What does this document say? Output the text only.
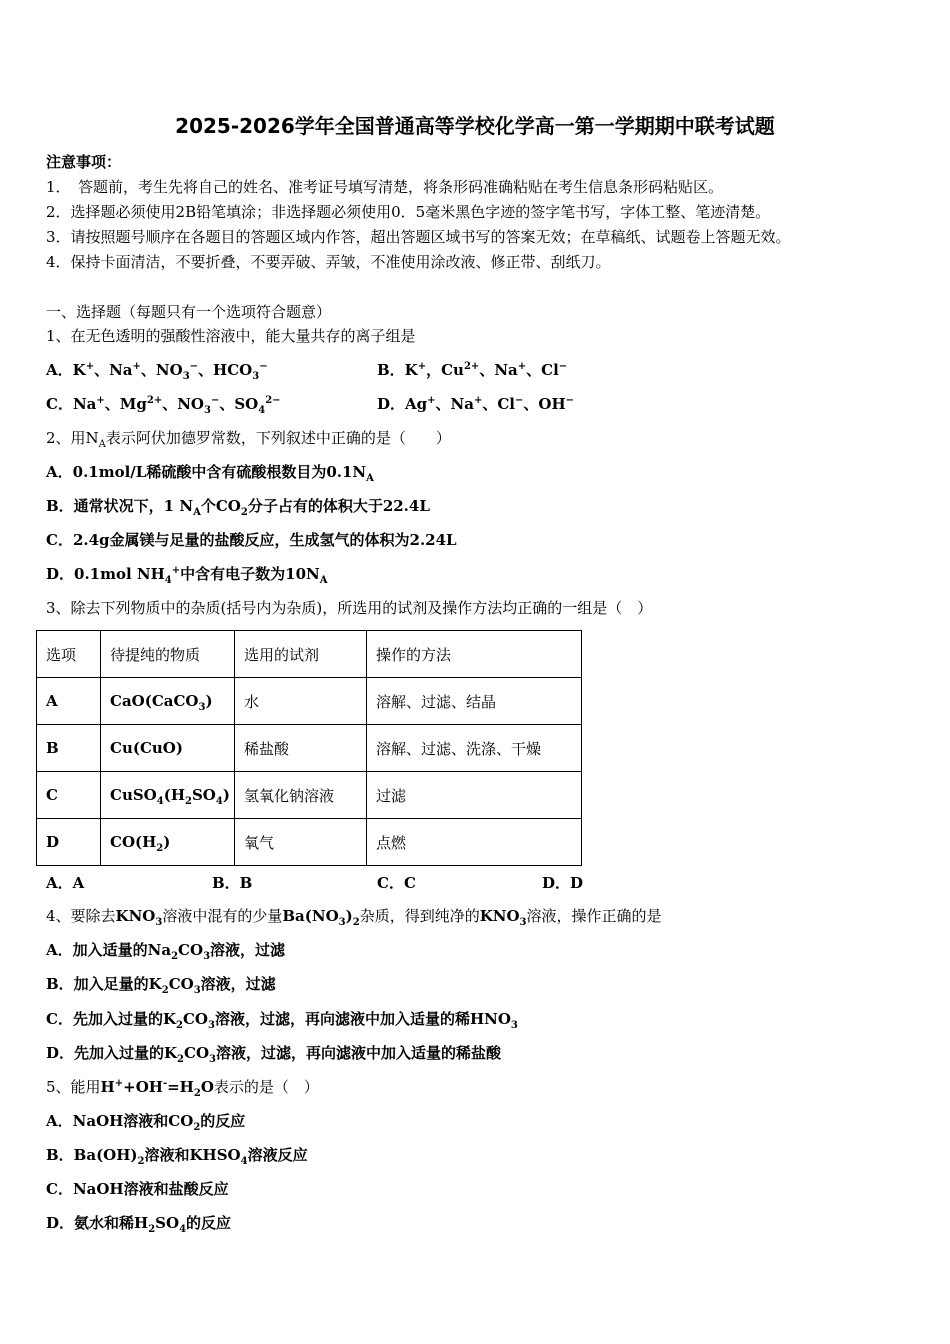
2025-2026学年全国普通高等学校化学高一第一学期期中联考试题
注意事项：
1．　答题前，考生先将自己的姓名、准考证号填写清楚，将条形码准确粘贴在考生信息条形码粘贴区。
2．选择题必须使用2B铅笔填涂；非选择题必须使用0．5毫米黑色字迹的签字笔书写，字体工整、笔迹清楚。
3．请按照题号顺序在各题目的答题区域内作答，超出答题区域书写的答案无效；在草稿纸、试题卷上答题无效。
4．保持卡面清洁，不要折叠，不要弄破、弄皱，不准使用涂改液、修正带、刮纸刀。
一、选择题（每题只有一个选项符合题意）
1、在无色透明的强酸性溶液中，能大量共存的离子组是
A．K+、Na+、$NO_3^-$、$HCO_3^-$	B．K+，$Cu^{2+}$、Na+、Cl−
C．Na+、$Mg^{2+}$、$NO_3^-$、$SO_4^{2-}$	D．Ag+、Na+、Cl−、OH−
2、用$N_A$表示阿伏加德罗常数，下列叙述中正确的是（　　）
A．0.1mol/L稀硫酸中含有硫酸根数目为$0.1N_A$
B．通常状况下，1 $N_A$个$CO_2$分子占有的体积大于22.4L
C．2.4g金属镁与足量的盐酸反应，生成氢气的体积为2.24L
D．0.1mol $NH_4^+$中含有电子数为$10N_A$
3、除去下列物质中的杂质(括号内为杂质)，所选用的试剂及操作方法均正确的一组是（　）
选项	待提纯的物质	选用的试剂	操作的方法
A	CaO(CaCO$_3$)	水	溶解、过滤、结晶
B	Cu(CuO)	稀盐酸	溶解、过滤、洗涤、干燥
C	$CuSO_4(H_2SO_4)$	氢氧化钠溶液	过滤
D	$CO(H_2)$	氧气	点燃
A．A	B．B	C．C	D．D
4、要除去$KNO_3$溶液中混有的少量$Ba(NO_3)_2$杂质，得到纯净的$KNO_3$溶液，操作正确的是
A．加入适量的$Na_2CO_3$溶液，过滤
B．加入足量的$K_2CO_3$溶液，过滤
C．先加入过量的$K_2CO_3$溶液，过滤，再向滤液中加入适量的稀$HNO_3$
D．先加入过量的$K_2CO_3$溶液，过滤，再向滤液中加入适量的稀盐酸
5、能用$H^++OH^-=H_2O$表示的是（　）
A．NaOH溶液和$CO_2$的反应
B．$Ba(OH)_2$溶液和$KHSO_4$溶液反应
C．NaOH溶液和盐酸反应
D．氨水和稀$H_2SO_4$的反应
